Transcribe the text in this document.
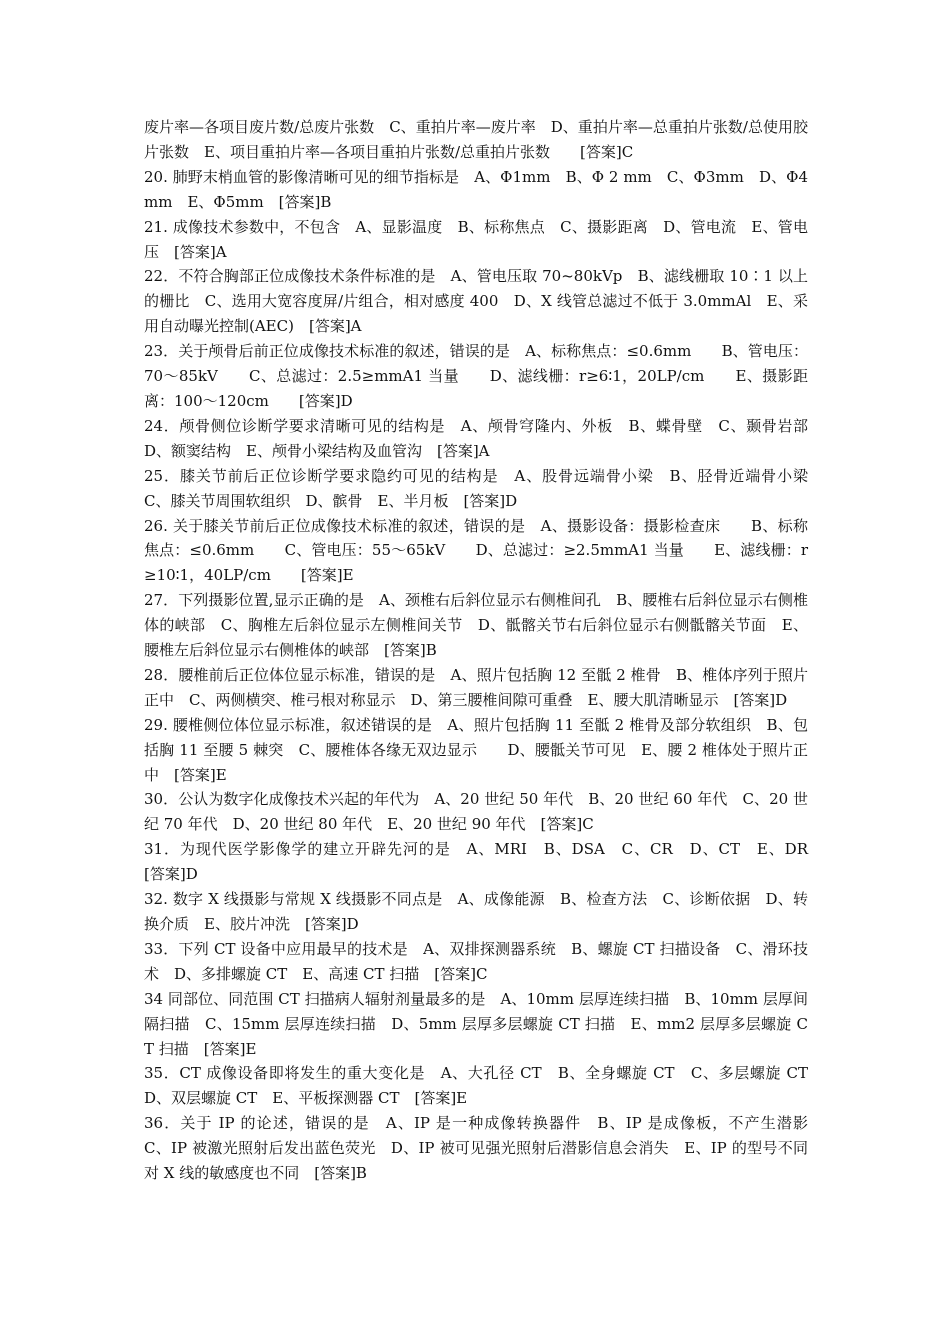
废片率—各项目废片数/总废片张数　C、重拍片率—废片率　D、重拍片率—总重拍片张数/总使用胶片张数　E、项目重拍片率—各项目重拍片张数/总重拍片张数　　[答案]C

20. 肺野末梢血管的影像清晰可见的细节指标是　A、Φ1mm　B、Φ 2 mm　C、Φ3mm　D、Φ4mm　E、Φ5mm　[答案]B

21. 成像技术参数中，不包含　A、显影温度　B、标称焦点　C、摄影距离　D、管电流　E、管电压　[答案]A

22．不符合胸部正位成像技术条件标准的是　A、管电压取 70~80kVp　B、滤线栅取 10∶1 以上的栅比　C、选用大宽容度屏/片组合，相对感度 400　D、X 线管总滤过不低于 3.0mmAl　E、采用自动曝光控制(AEC)　[答案]A

23．关于颅骨后前正位成像技术标准的叙述，错误的是　A、标称焦点：≤0.6mm　　B、管电压：70～85kV　　C、总滤过：2.5≥mmA1 当量　　D、滤线栅：r≥6∶1，20LP/cm　　E、摄影距离：100～120cm　　[答案]D

24．颅骨侧位诊断学要求清晰可见的结构是　A、颅骨穹隆内、外板　B、蝶骨壁　C、颞骨岩部　D、额窦结构　E、颅骨小梁结构及血管沟　[答案]A

25．膝关节前后正位诊断学要求隐约可见的结构是　A、股骨远端骨小梁　B、胫骨近端骨小梁　C、膝关节周围软组织　D、髌骨　E、半月板　[答案]D

26. 关于膝关节前后正位成像技术标准的叙述，错误的是　A、摄影设备：摄影检查床　　B、标称焦点：≤0.6mm　　C、管电压：55～65kV　　D、总滤过：≥2.5mmA1 当量　　E、滤线栅：r≥10∶1，40LP/cm　　[答案]E

27．下列摄影位置,显示正确的是　A、颈椎右后斜位显示右侧椎间孔　B、腰椎右后斜位显示右侧椎体的峡部　C、胸椎左后斜位显示左侧椎间关节　D、骶髂关节右后斜位显示右侧骶髂关节面　E、腰椎左后斜位显示右侧椎体的峡部　[答案]B

28．腰椎前后正位体位显示标准，错误的是　A、照片包括胸 12 至骶 2 椎骨　B、椎体序列于照片正中　C、两侧横突、椎弓根对称显示　D、第三腰椎间隙可重叠　E、腰大肌清晰显示　[答案]D

29. 腰椎侧位体位显示标准，叙述错误的是　A、照片包括胸 11 至骶 2 椎骨及部分软组织　B、包括胸 11 至腰 5 棘突　C、腰椎体各缘无双边显示　　D、腰骶关节可见　E、腰 2 椎体处于照片正中　[答案]E

30．公认为数字化成像技术兴起的年代为　A、20 世纪 50 年代　B、20 世纪 60 年代　C、20 世纪 70 年代　D、20 世纪 80 年代　E、20 世纪 90 年代　[答案]C

31．为现代医学影像学的建立开辟先河的是　A、MRI　B、DSA　C、CR　D、CT　E、DR　[答案]D

32. 数字 X 线摄影与常规 X 线摄影不同点是　A、成像能源　B、检查方法　C、诊断依据　D、转换介质　E、胶片冲洗　[答案]D

33．下列 CT 设备中应用最早的技术是　A、双排探测器系统　B、螺旋 CT 扫描设备　C、滑环技术　D、多排螺旋 CT　E、高速 CT 扫描　[答案]C

34 同部位、同范围 CT 扫描病人辐射剂量最多的是　A、10mm 层厚连续扫描　B、10mm 层厚间隔扫描　C、15mm 层厚连续扫描　D、5mm 层厚多层螺旋 CT 扫描　E、mm2 层厚多层螺旋 CT 扫描　[答案]E

35．CT 成像设备即将发生的重大变化是　A、大孔径 CT　B、全身螺旋 CT　C、多层螺旋 CT　D、双层螺旋 CT　E、平板探测器 CT　[答案]E

36．关于 IP 的论述，错误的是　A、IP 是一种成像转换器件　B、IP 是成像板，不产生潜影　　C、IP 被激光照射后发出蓝色荧光　D、IP 被可见强光照射后潜影信息会消失　E、IP 的型号不同对 X 线的敏感度也不同　[答案]B
